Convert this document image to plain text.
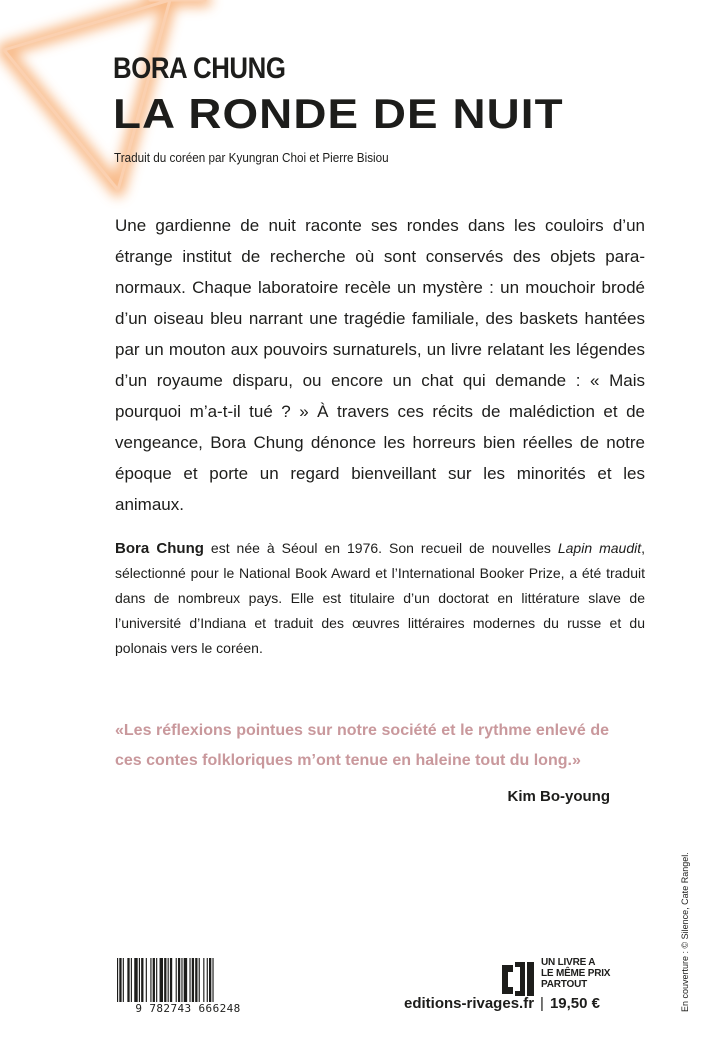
BORA CHUNG
LA RONDE DE NUIT
Traduit du coréen par Kyungran Choi et Pierre Bisiou

Une gardienne de nuit raconte ses rondes dans les couloirs d’un étrange institut de recherche où sont conservés des objets paranormaux. Chaque laboratoire recèle un mystère : un mouchoir brodé d’un oiseau bleu narrant une tragédie familiale, des baskets hantées par un mouton aux pouvoirs surnaturels, un livre relatant les légendes d’un royaume disparu, ou encore un chat qui demande : « Mais pourquoi m’a-t-il tué ? » À travers ces récits de malédiction et de vengeance, Bora Chung dénonce les horreurs bien réelles de notre époque et porte un regard bienveillant sur les minorités et les animaux.

Bora Chung est née à Séoul en 1976. Son recueil de nouvelles Lapin maudit, sélectionné pour le National Book Award et l’International Booker Prize, a été traduit dans de nombreux pays. Elle est titulaire d’un doctorat en littérature slave de l’université d’Indiana et traduit des œuvres littéraires modernes du russe et du polonais vers le coréen.

«Les réflexions pointues sur notre société et le rythme enlevé de ces contes folkloriques m’ont tenue en haleine tout du long.»

Kim Bo-young
En couverture : © Silence, Cate Rangel.
9 782743 666248
UN LIVRE A
LE MÊME PRIX
PARTOUT
editions-rivages.fr | 19,50 €
